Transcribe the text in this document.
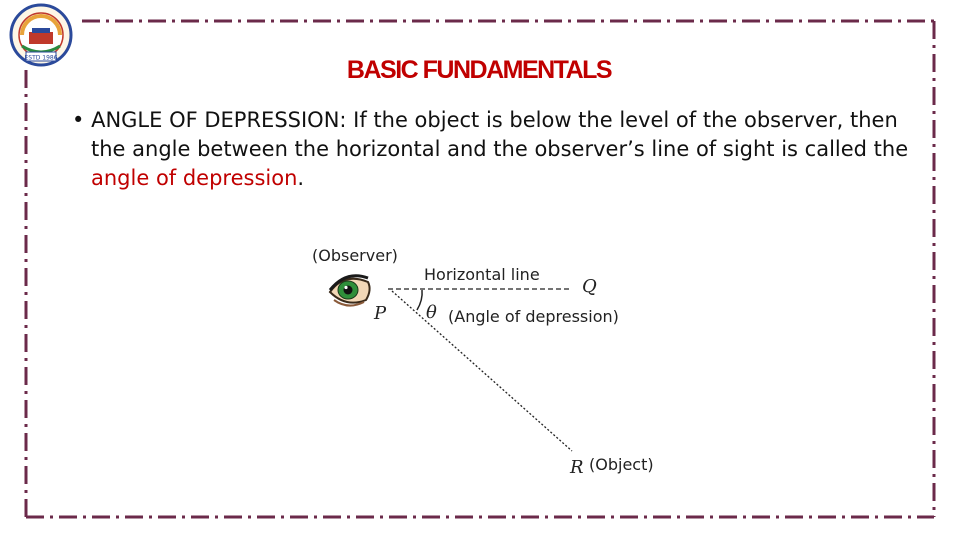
ESTD 1986	BASIC FUNDAMENTALS
• ANGLE OF DEPRESSION: If the object is below the level of the observer, then the angle between the horizontal and the observer’s line of sight is called the angle of depression.
(Observer)
Horizontal line
P
Q
R
θ (Angle of depression)
(Object)
